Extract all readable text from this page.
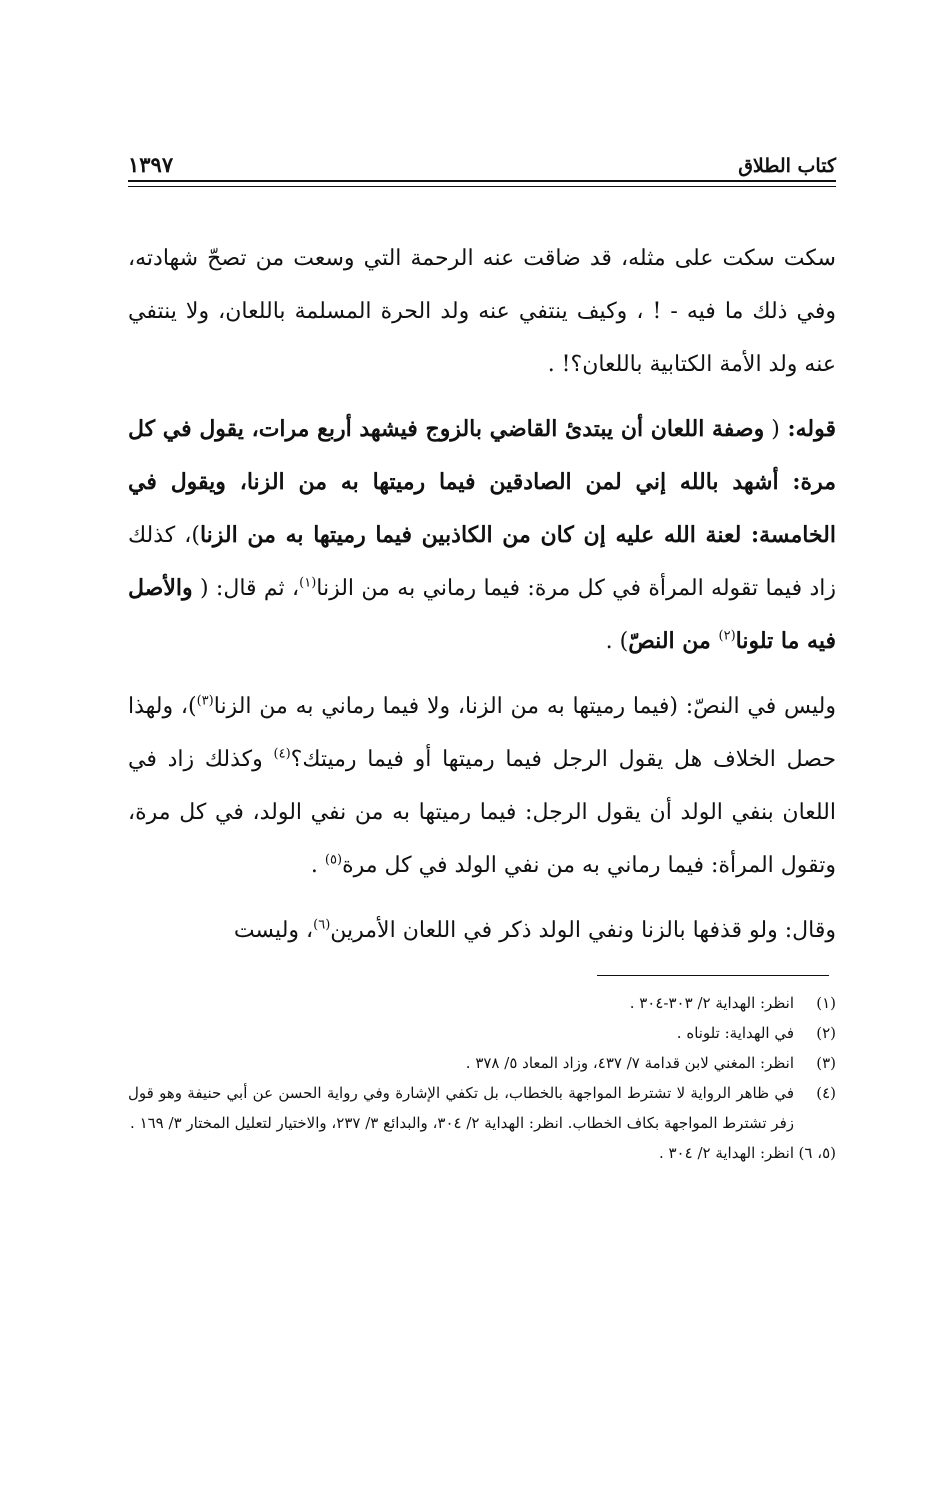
كتاب الطلاق
١٣٩٧

سكت سكت على مثله، قد ضاقت عنه الرحمة التي وسعت من تصحّ شهادته، وفي ذلك ما فيه - ! ، وكيف ينتفي عنه ولد الحرة المسلمة باللعان، ولا ينتفي عنه ولد الأمة الكتابية باللعان؟! .

قوله: ( وصفة اللعان أن يبتدئ القاضي بالزوج فيشهد أربع مرات، يقول في كل مرة: أشهد بالله إني لمن الصادقين فيما رميتها به من الزنا، ويقول في الخامسة: لعنة الله عليه إن كان من الكاذبين فيما رميتها به من الزنا)، كذلك زاد فيما تقوله المرأة في كل مرة: فيما رماني به من الزنا$^{(١)}$، ثم قال: ( والأصل فيه ما تلونا$^{(٢)}$ من النصّ) .

وليس في النصّ: (فيما رميتها به من الزنا، ولا فيما رماني به من الزنا$^{(٣)}$)، ولهذا حصل الخلاف هل يقول الرجل فيما رميتها أو فيما رميتك؟$^{(٤)}$ وكذلك زاد في اللعان بنفي الولد أن يقول الرجل: فيما رميتها به من نفي الولد، في كل مرة، وتقول المرأة: فيما رماني به من نفي الولد في كل مرة$^{(٥)}$ .

وقال: ولو قذفها بالزنا ونفي الولد ذكر في اللعان الأمرين$^{(٦)}$، وليست

(١)
انظر: الهداية ٢/ ٣٠٣-٣٠٤ .
(٢)
في الهداية: تلوناه .
(٣)
انظر: المغني لابن قدامة ٧/ ٤٣٧، وزاد المعاد ٥/ ٣٧٨ .
(٤)
في ظاهر الرواية لا تشترط المواجهة بالخطاب، بل تكفي الإشارة وفي رواية الحسن عن أبي حنيفة وهو قول زفر تشترط المواجهة بكاف الخطاب. انظر: الهداية ٢/ ٣٠٤، والبدائع ٣/ ٢٣٧، والاختيار لتعليل المختار ٣/ ١٦٩ .
(٥، ٦)
انظر: الهداية ٢/ ٣٠٤ .
